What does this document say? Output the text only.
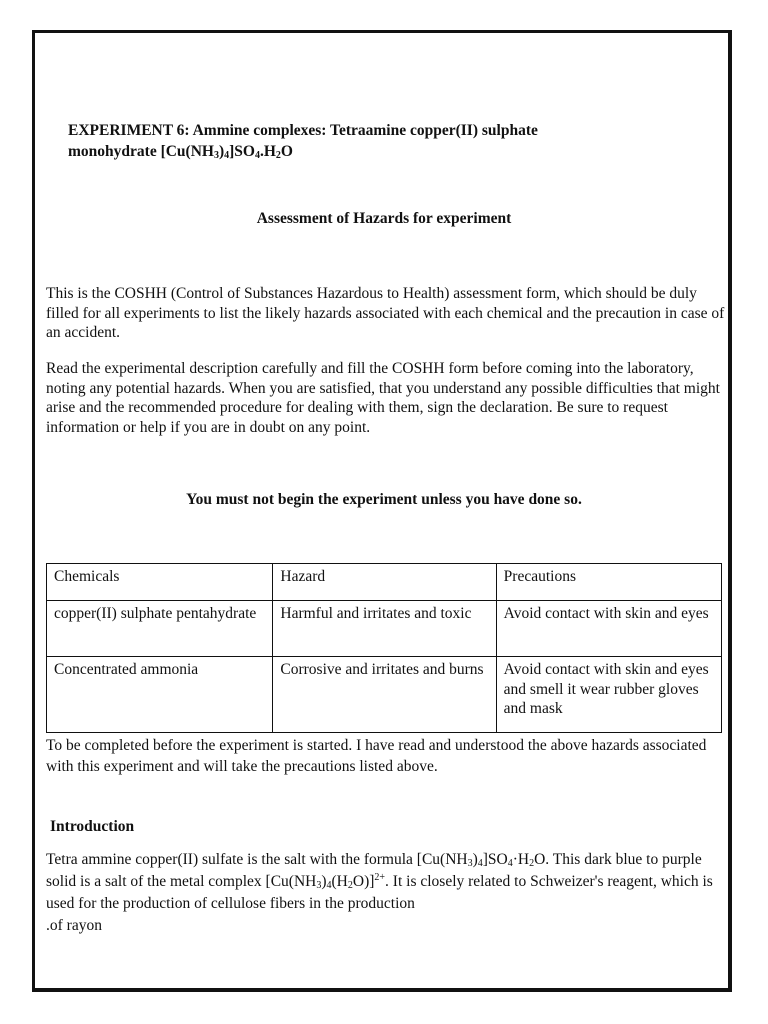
EXPERIMENT 6: Ammine complexes: Tetraamine copper(II) sulphate
monohydrate $[Cu(NH_3)_4]SO_4.H_2O$
Assessment of Hazards for experiment
This is the COSHH (Control of Substances Hazardous to Health) assessment form, which should be duly filled for all experiments to list the likely hazards associated with each chemical and the precaution in case of an accident.
Read the experimental description carefully and fill the COSHH form before coming into the laboratory, noting any potential hazards. When you are satisfied, that you understand any possible difficulties that might arise and the recommended procedure for dealing with them, sign the declaration. Be sure to request information or help if you are in doubt on any point.
You must not begin the experiment unless you have done so.
Chemicals	Hazard	Precautions
copper(II) sulphate pentahydrate	Harmful and irritates and toxic	Avoid contact with skin and eyes
Concentrated ammonia	Corrosive and irritates and burns	Avoid contact with skin and eyes and smell it wear rubber gloves and mask
To be completed before the experiment is started. I have read and understood the above hazards associated with this experiment and will take the precautions listed above.
Introduction
Tetra ammine copper(II) sulfate is the salt with the formula $[Cu(NH_3)_4]SO_4\cdot H_2O$. This dark blue to purple solid is a salt of the metal complex $[Cu(NH_3)_4(H_2O)]^{2+}$. It is closely related to Schweizer's reagent, which is used for the production of cellulose fibers in the production
.of rayon
